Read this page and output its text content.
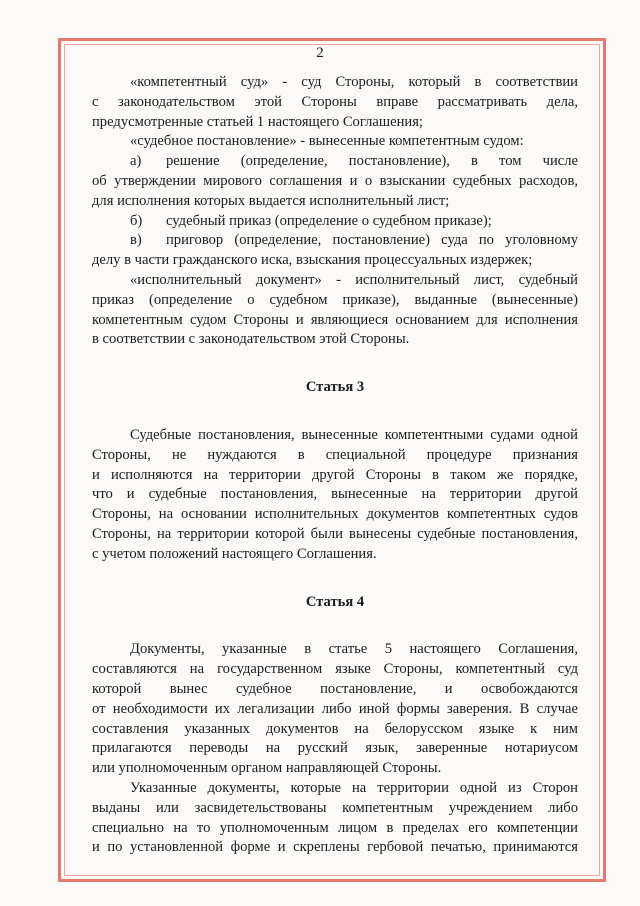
2

«компетентный суд» - суд Стороны, который в соответствии

с законодательством этой Стороны вправе рассматривать дела,

предусмотренные статьей 1 настоящего Соглашения;

«судебное постановление» - вынесенные компетентным судом:

а)	решение (определение, постановление), в том числе

об утверждении мирового соглашения и о взыскании судебных расходов,

для исполнения которых выдается исполнительный лист;

б)	судебный приказ (определение о судебном приказе);
в)	приговор (определение, постановление) суда по уголовному

делу в части гражданского иска, взыскания процессуальных издержек;

«исполнительный документ» - исполнительный лист, судебный

приказ (определение о судебном приказе), выданные (вынесенные)

компетентным судом Стороны и являющиеся основанием для исполнения

в соответствии с законодательством этой Стороны.

Статья 3

Судебные постановления, вынесенные компетентными судами одной

Стороны, не нуждаются в специальной процедуре признания

и исполняются на территории другой Стороны в таком же порядке,

что и судебные постановления, вынесенные на территории другой

Стороны, на основании исполнительных документов компетентных судов

Стороны, на территории которой были вынесены судебные постановления,

с учетом положений настоящего Соглашения.

Статья 4

Документы, указанные в статье 5 настоящего Соглашения,

составляются на государственном языке Стороны, компетентный суд

которой вынес судебное постановление, и освобождаются

от необходимости их легализации либо иной формы заверения. В случае

составления указанных документов на белорусском языке к ним

прилагаются переводы на русский язык, заверенные нотариусом

или уполномоченным органом направляющей Стороны.

Указанные документы, которые на территории одной из Сторон

выданы или засвидетельствованы компетентным учреждением либо

специально на то уполномоченным лицом в пределах его компетенции

и по установленной форме и скреплены гербовой печатью, принимаются
